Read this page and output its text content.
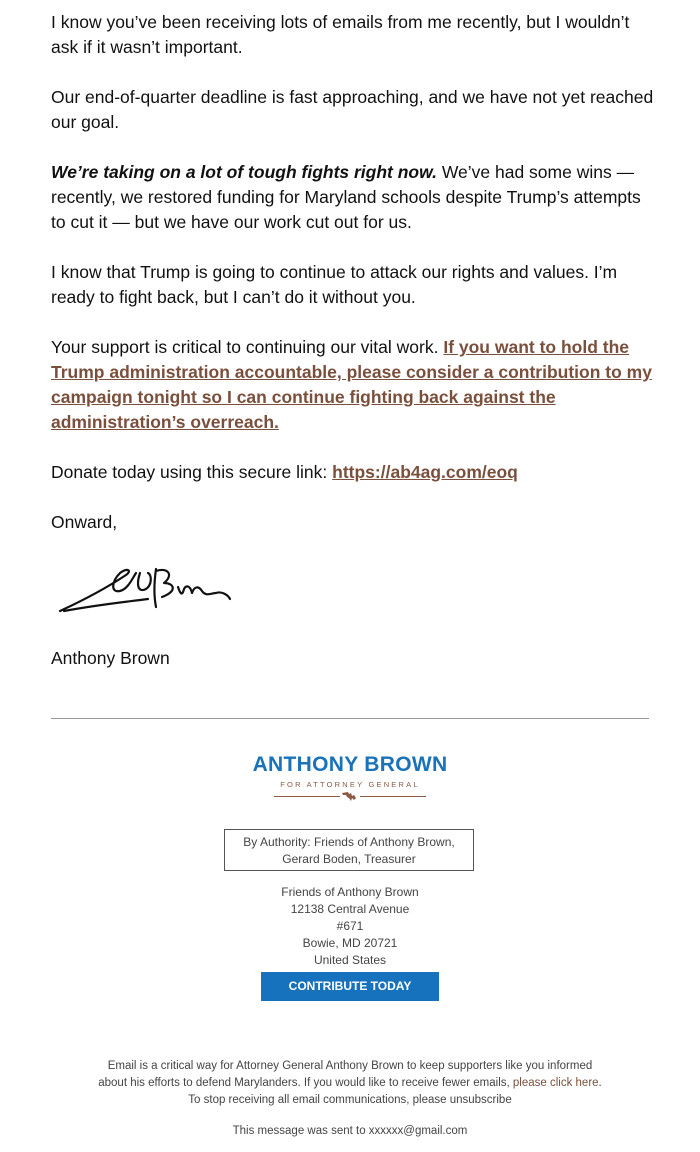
I know you’ve been receiving lots of emails from me recently, but I wouldn’t ask if it wasn’t important.

Our end-of-quarter deadline is fast approaching, and we have not yet reached our goal.

We’re taking on a lot of tough fights right now. We’ve had some wins — recently, we restored funding for Maryland schools despite Trump’s attempts to cut it — but we have our work cut out for us.

I know that Trump is going to continue to attack our rights and values. I’m ready to fight back, but I can’t do it without you.

Your support is critical to continuing our vital work. If you want to hold the Trump administration accountable, please consider a contribution to my campaign tonight so I can continue fighting back against the administration’s overreach.

Donate today using this secure link: https://ab4ag.com/eoq

Onward,

Anthony Brown
ANTHONY BROWN
FOR ATTORNEY GENERAL
By Authority: Friends of Anthony Brown,
Gerard Boden, Treasurer
Friends of Anthony Brown
12138 Central Avenue
#671
Bowie, MD 20721
United States
CONTRIBUTE TODAY
Email is a critical way for Attorney General Anthony Brown to keep supporters like you informed
about his efforts to defend Marylanders. If you would like to receive fewer emails, please click here.
To stop receiving all email communications, please unsubscribe
This message was sent to xxxxxx@gmail.com
